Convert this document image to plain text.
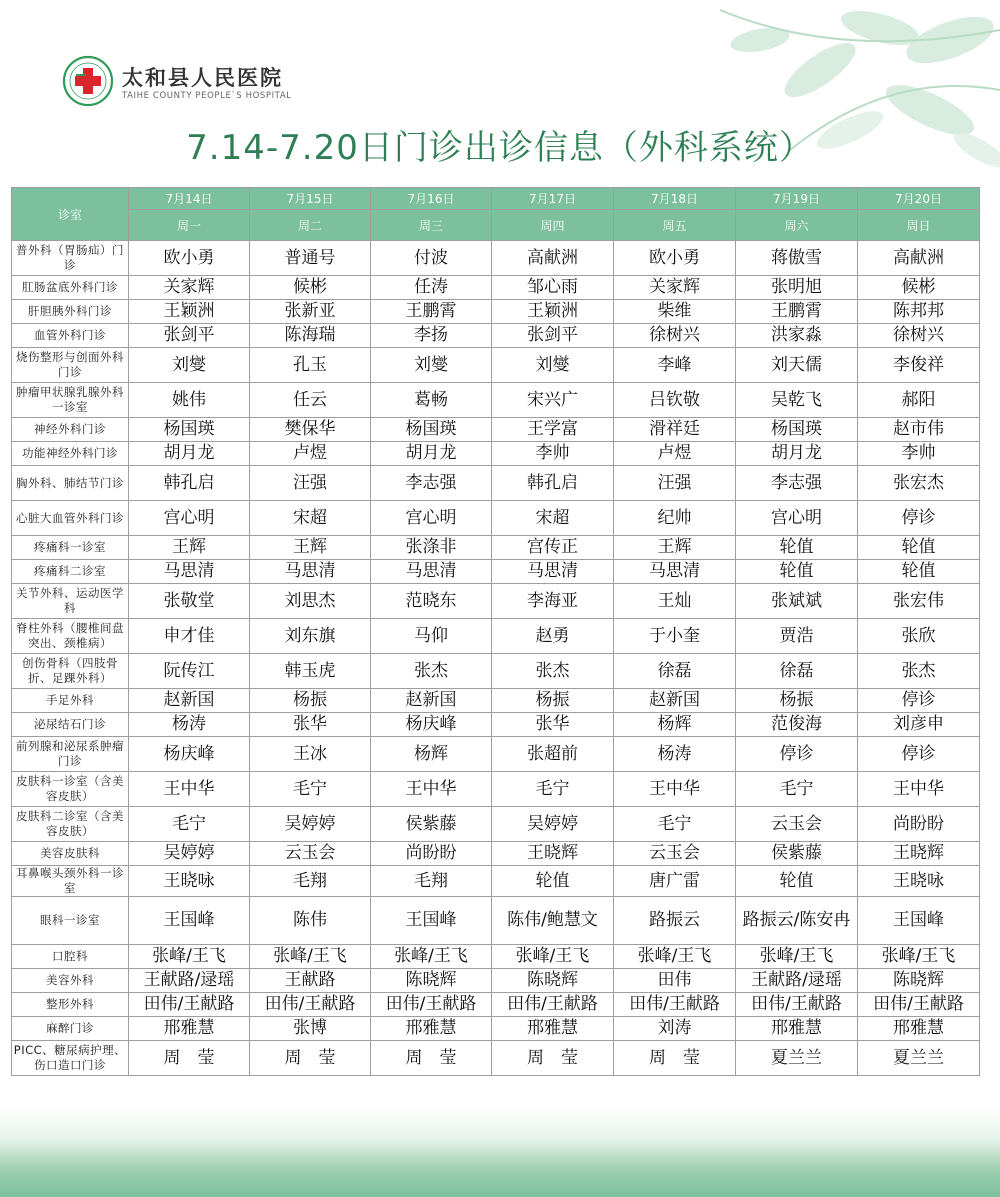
太和县人民医院
TAIHE COUNTY PEOPLE`S HOSPITAL
7.14-7.20日门诊出诊信息（外科系统）
诊室	7月14日	7月15日	7月16日	7月17日	7月18日	7月19日	7月20日
	周一	周二	周三	周四	周五	周六	周日
普外科（胃肠疝）门诊	欧小勇	普通号	付波	高献洲	欧小勇	蒋傲雪	高献洲
肛肠盆底外科门诊	关家辉	候彬	任涛	邹心雨	关家辉	张明旭	候彬
肝胆胰外科门诊	王颖洲	张新亚	王鹏霄	王颖洲	柴维	王鹏霄	陈邦邦
血管外科门诊	张剑平	陈海瑞	李扬	张剑平	徐树兴	洪家淼	徐树兴
烧伤整形与创面外科门诊	刘燮	孔玉	刘燮	刘燮	李峰	刘天儒	李俊祥
肿瘤甲状腺乳腺外科一诊室	姚伟	任云	葛畅	宋兴广	吕钦敬	吴乾飞	郝阳
神经外科门诊	杨国瑛	樊保华	杨国瑛	王学富	滑祥廷	杨国瑛	赵市伟
功能神经外科门诊	胡月龙	卢煜	胡月龙	李帅	卢煜	胡月龙	李帅
胸外科、肺结节门诊	韩孔启	汪强	李志强	韩孔启	汪强	李志强	张宏杰
心脏大血管外科门诊	宫心明	宋超	宫心明	宋超	纪帅	宫心明	停诊
疼痛科一诊室	王辉	王辉	张涤非	宫传正	王辉	轮值	轮值
疼痛科二诊室	马思清	马思清	马思清	马思清	马思清	轮值	轮值
关节外科、运动医学科	张敬堂	刘思杰	范晓东	李海亚	王灿	张斌斌	张宏伟
脊柱外科（腰椎间盘突出、颈椎病）	申才佳	刘东旗	马仰	赵勇	于小奎	贾浩	张欣
创伤骨科（四肢骨折、足踝外科）	阮传江	韩玉虎	张杰	张杰	徐磊	徐磊	张杰
手足外科	赵新国	杨振	赵新国	杨振	赵新国	杨振	停诊
泌尿结石门诊	杨涛	张华	杨庆峰	张华	杨辉	范俊海	刘彦申
前列腺和泌尿系肿瘤门诊	杨庆峰	王冰	杨辉	张超前	杨涛	停诊	停诊
皮肤科一诊室（含美容皮肤）	王中华	毛宁	王中华	毛宁	王中华	毛宁	王中华
皮肤科二诊室（含美容皮肤）	毛宁	吴婷婷	侯紫藤	吴婷婷	毛宁	云玉会	尚盼盼
美容皮肤科	吴婷婷	云玉会	尚盼盼	王晓辉	云玉会	侯紫藤	王晓辉
耳鼻喉头颈外科一诊室	王晓咏	毛翔	毛翔	轮值	唐广雷	轮值	王晓咏
眼科一诊室	王国峰	陈伟	王国峰	陈伟/鲍慧文	路振云	路振云/陈安冉	王国峰
口腔科	张峰/王飞	张峰/王飞	张峰/王飞	张峰/王飞	张峰/王飞	张峰/王飞	张峰/王飞
美容外科	王献路/逯瑶	王献路	陈晓辉	陈晓辉	田伟	王献路/逯瑶	陈晓辉
整形外科	田伟/王献路	田伟/王献路	田伟/王献路	田伟/王献路	田伟/王献路	田伟/王献路	田伟/王献路
麻醉门诊	邢雅慧	张博	邢雅慧	邢雅慧	刘涛	邢雅慧	邢雅慧
PICC、糖尿病护理、伤口造口门诊	周　莹	周　莹	周　莹	周　莹	周　莹	夏兰兰	夏兰兰
